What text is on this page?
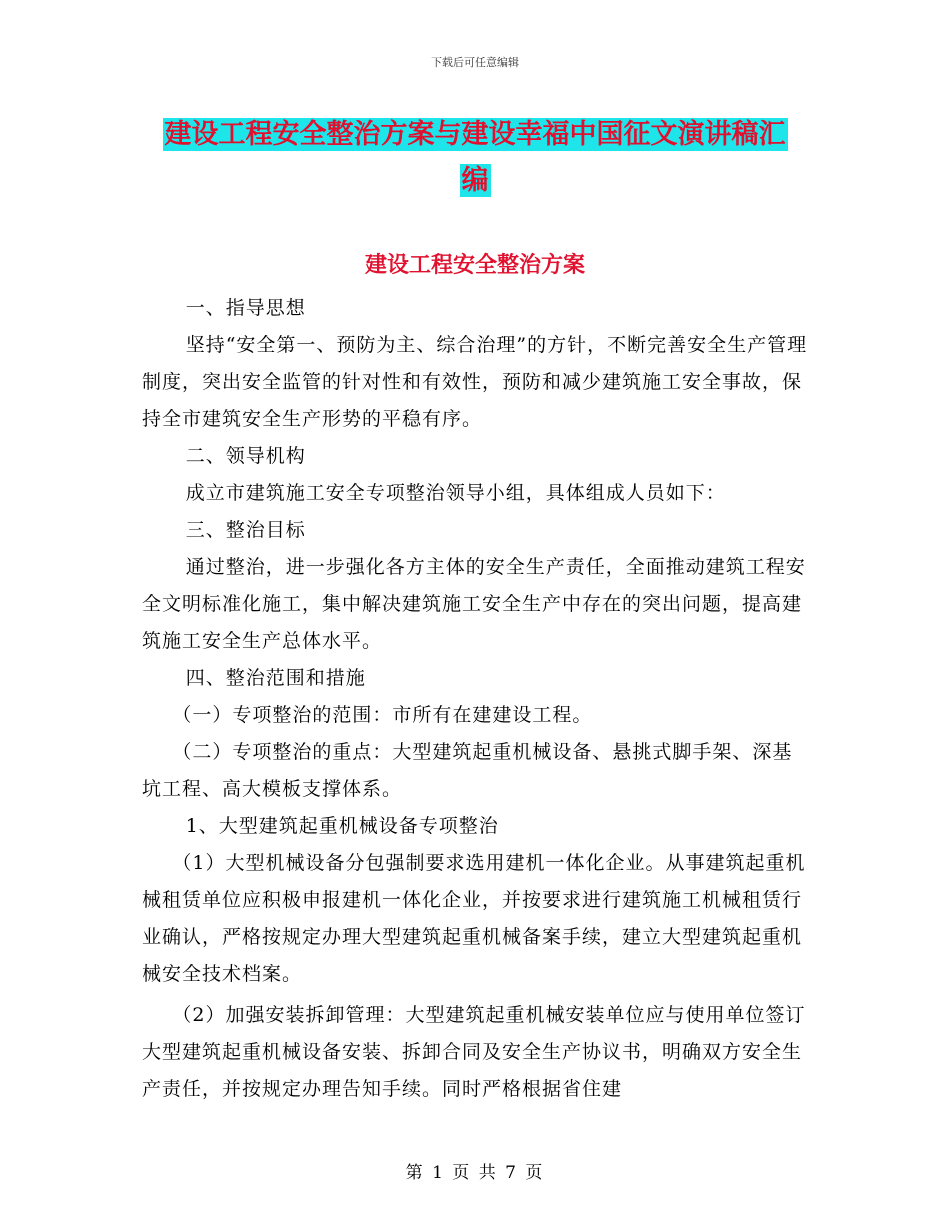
下载后可任意编辑
建设工程安全整治方案与建设幸福中国征文演讲稿汇
编
建设工程安全整治方案

一、指导思想

坚持“安全第一、预防为主、综合治理”的方针，不断完善安全生产管理制度，突出安全监管的针对性和有效性，预防和减少建筑施工安全事故，保持全市建筑安全生产形势的平稳有序。

二、领导机构

成立市建筑施工安全专项整治领导小组，具体组成人员如下：

三、整治目标

通过整治，进一步强化各方主体的安全生产责任，全面推动建筑工程安全文明标准化施工，集中解决建筑施工安全生产中存在的突出问题，提高建筑施工安全生产总体水平。

四、整治范围和措施

（一）专项整治的范围：市所有在建建设工程。

（二）专项整治的重点：大型建筑起重机械设备、悬挑式脚手架、深基坑工程、高大模板支撑体系。

1、大型建筑起重机械设备专项整治

（1）大型机械设备分包强制要求选用建机一体化企业。从事建筑起重机械租赁单位应积极申报建机一体化企业，并按要求进行建筑施工机械租赁行业确认，严格按规定办理大型建筑起重机械备案手续，建立大型建筑起重机械安全技术档案。

（2）加强安装拆卸管理：大型建筑起重机械安装单位应与使用单位签订大型建筑起重机械设备安装、拆卸合同及安全生产协议书，明确双方安全生产责任，并按规定办理告知手续。同时严格根据省住建

第 1 页 共 7 页
